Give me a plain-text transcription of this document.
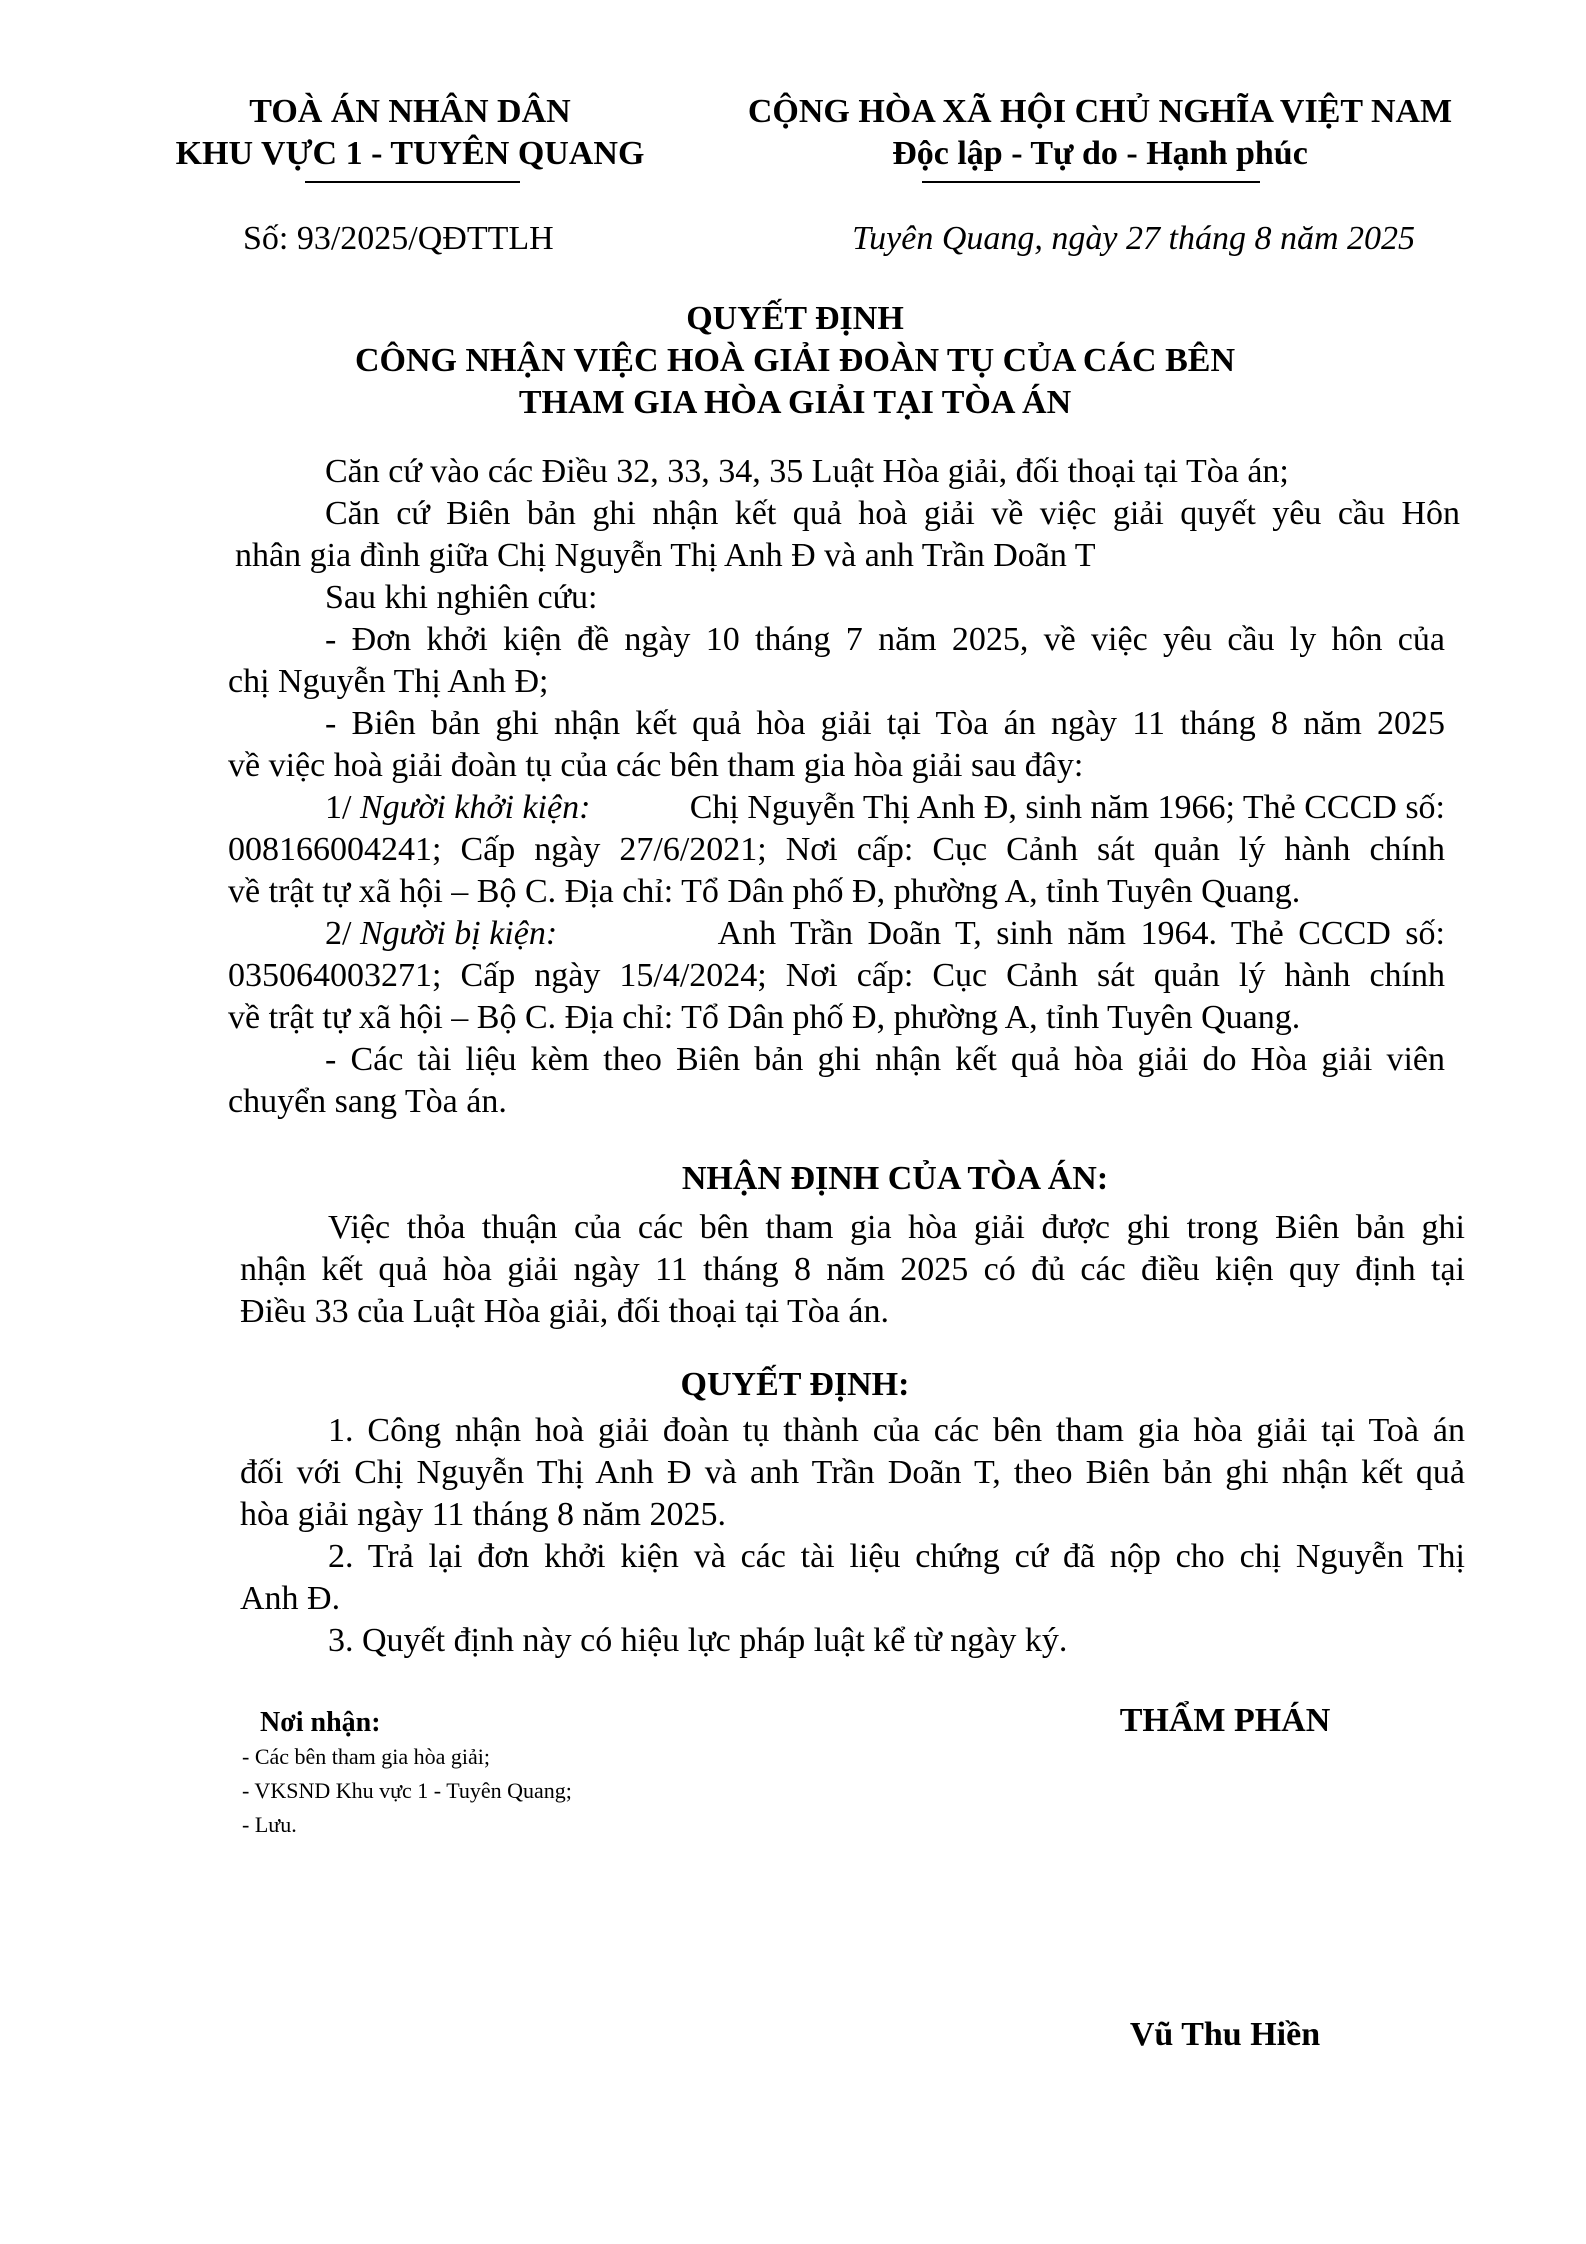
TOÀ ÁN NHÂN DÂN
KHU VỰC 1 - TUYÊN QUANG
CỘNG HÒA XÃ HỘI CHỦ NGHĨA VIỆT NAM
Độc lập - Tự do - Hạnh phúc
Số: 93/2025/QĐTTLH	Tuyên Quang, ngày 27 tháng 8 năm 2025
QUYẾT ĐỊNH
CÔNG NHẬN VIỆC HOÀ GIẢI ĐOÀN TỤ CỦA CÁC BÊN
THAM GIA HÒA GIẢI TẠI TÒA ÁN
Căn cứ vào các Điều 32, 33, 34, 35 Luật Hòa giải, đối thoại tại Tòa án;
Căn cứ Biên bản ghi nhận kết quả hoà giải về việc giải quyết yêu cầu Hôn
nhân gia đình giữa Chị Nguyễn Thị Anh Đ và anh Trần Doãn T
Sau khi nghiên cứu:
- Đơn khởi kiện đề ngày 10 tháng 7 năm 2025, về việc yêu cầu ly hôn của
chị Nguyễn Thị Anh Đ;
- Biên bản ghi nhận kết quả hòa giải tại Tòa án ngày 11 tháng 8 năm 2025
về việc hoà giải đoàn tụ của các bên tham gia hòa giải sau đây:
1/ Người khởi kiện:	Chị Nguyễn Thị Anh Đ, sinh năm 1966; Thẻ CCCD số:
008166004241; Cấp ngày 27/6/2021; Nơi cấp: Cục Cảnh sát quản lý hành chính
về trật tự xã hội – Bộ C. Địa chỉ: Tổ Dân phố Đ, phường A, tỉnh Tuyên Quang.
2/ Người bị kiện:	Anh Trần Doãn T, sinh năm 1964. Thẻ CCCD số:
035064003271; Cấp ngày 15/4/2024; Nơi cấp: Cục Cảnh sát quản lý hành chính
về trật tự xã hội – Bộ C. Địa chỉ: Tổ Dân phố Đ, phường A, tỉnh Tuyên Quang.
- Các tài liệu kèm theo Biên bản ghi nhận kết quả hòa giải do Hòa giải viên
chuyển sang Tòa án.
NHẬN ĐỊNH CỦA TÒA ÁN:
Việc thỏa thuận của các bên tham gia hòa giải được ghi trong Biên bản ghi
nhận kết quả hòa giải ngày 11 tháng 8 năm 2025 có đủ các điều kiện quy định tại
Điều 33 của Luật Hòa giải, đối thoại tại Tòa án.
QUYẾT ĐỊNH:
1. Công nhận hoà giải đoàn tụ thành của các bên tham gia hòa giải tại Toà án
đối với Chị Nguyễn Thị Anh Đ và anh Trần Doãn T, theo Biên bản ghi nhận kết quả
hòa giải ngày 11 tháng 8 năm 2025.
2. Trả lại đơn khởi kiện và các tài liệu chứng cứ đã nộp cho chị Nguyễn Thị
Anh Đ.
3. Quyết định này có hiệu lực pháp luật kể từ ngày ký.
Nơi nhận:
- Các bên tham gia hòa giải;
- VKSND Khu vực 1 - Tuyên Quang;
- Lưu.
THẨM PHÁN
Vũ Thu Hiền
